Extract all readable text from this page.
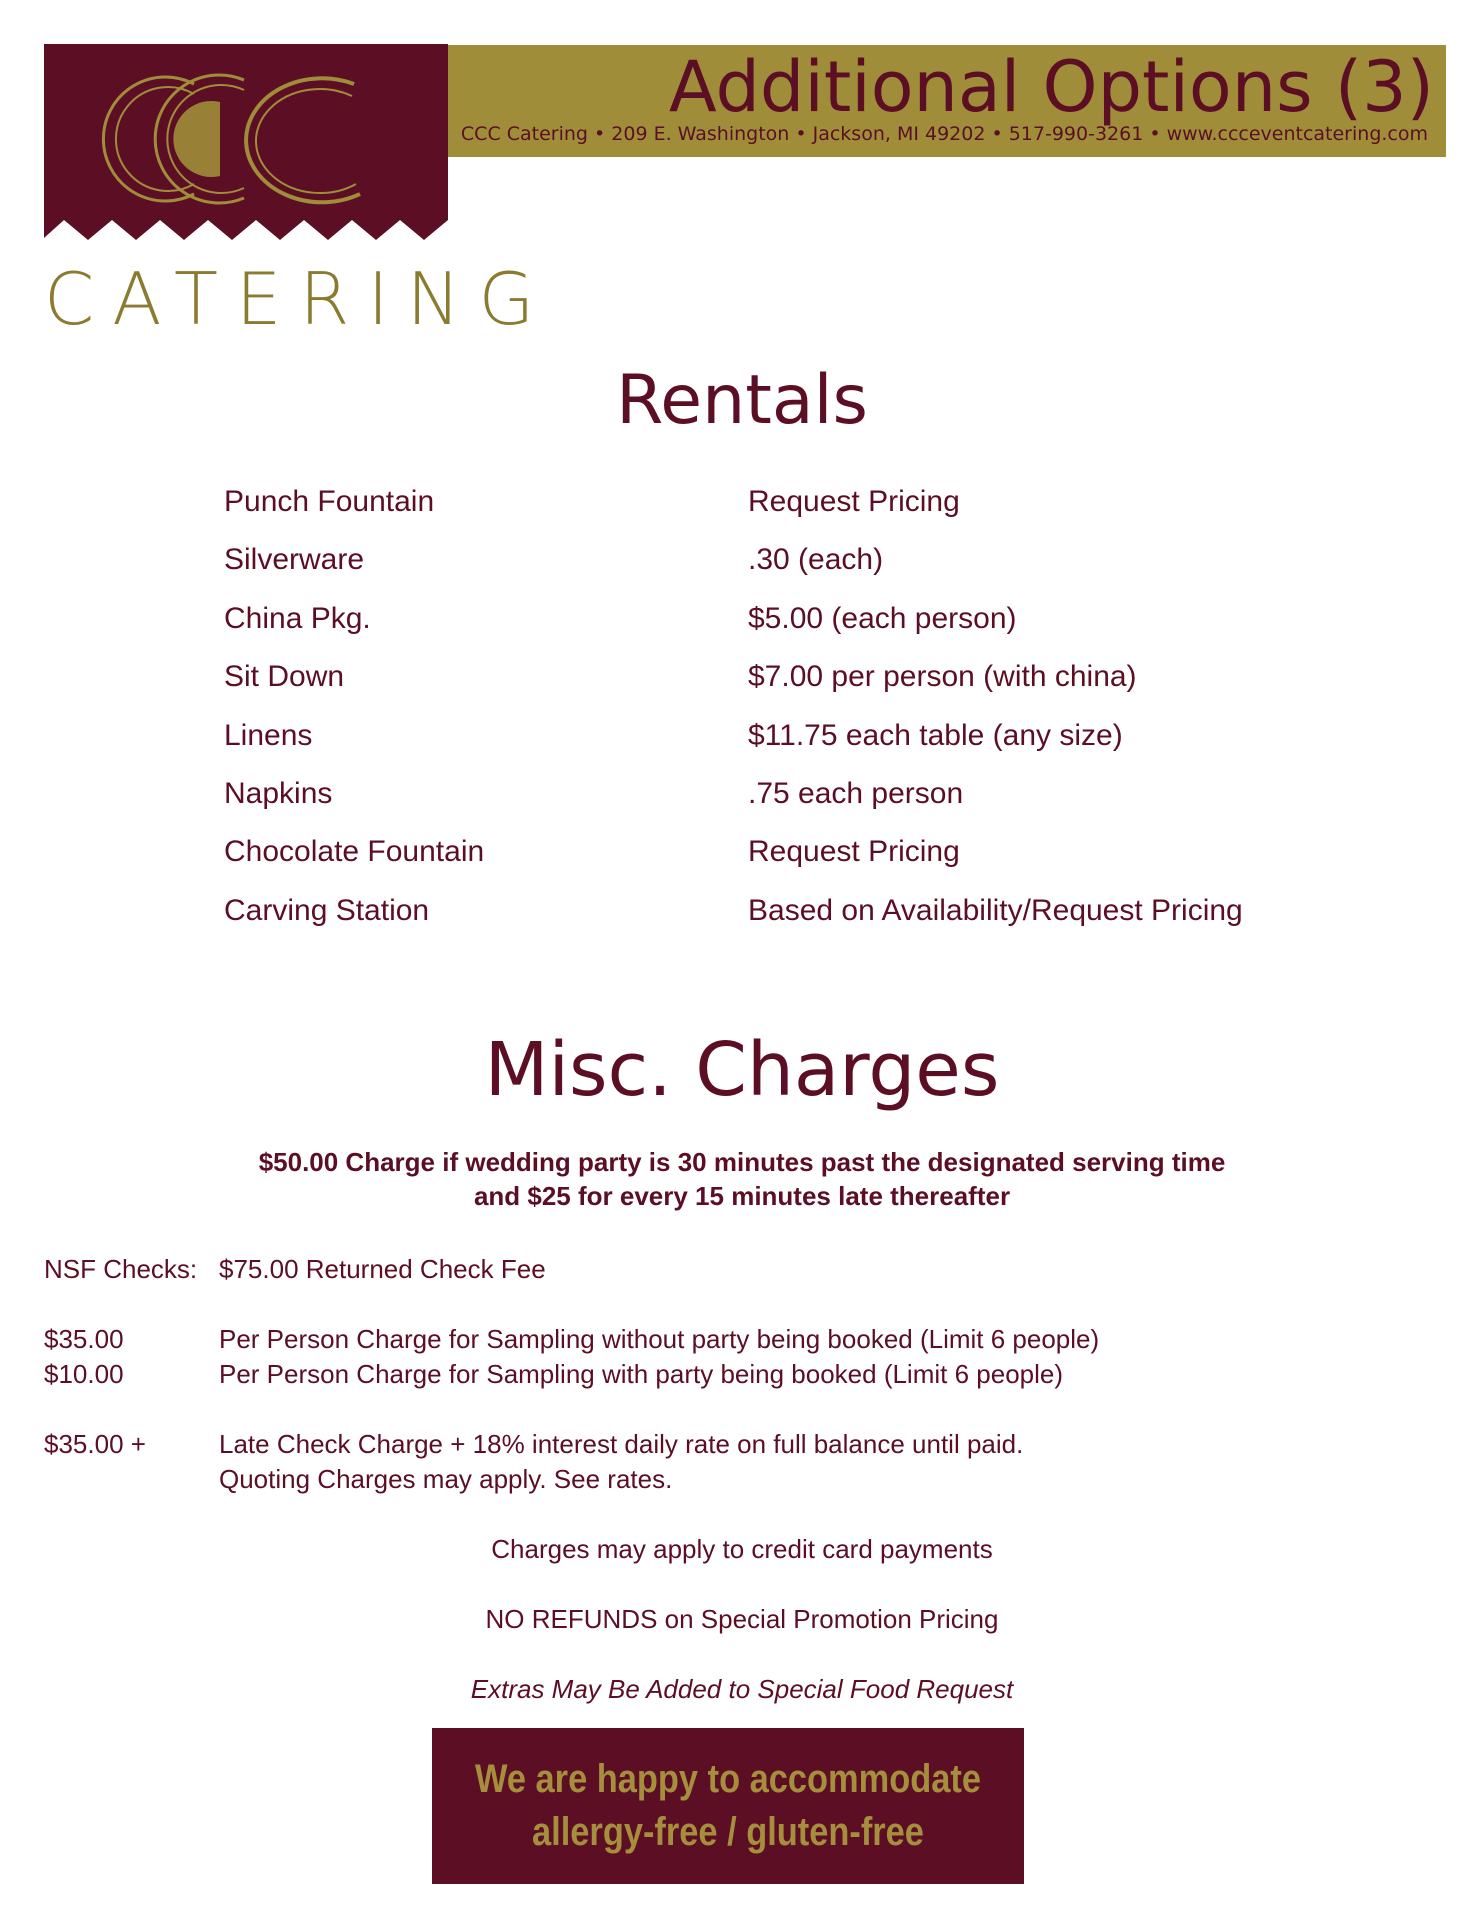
CATERING
Additional Options (3)
CCC Catering • 209 E. Washington • Jackson, MI 49202 • 517-990-3261 • www.ccceventcatering.com
Rentals
Punch Fountain	Request Pricing
Silverware	.30 (each)
China Pkg.	$5.00 (each person)
Sit Down	$7.00 per person (with china)
Linens	$11.75 each table (any size)
Napkins	.75 each person
Chocolate Fountain	Request Pricing
Carving Station	Based on Availability/Request Pricing
Misc. Charges
$50.00 Charge if wedding party is 30 minutes past the designated serving time
and $25 for every 15 minutes late thereafter
NSF Checks: $75.00 Returned Check Fee
$35.00	Per Person Charge for Sampling without party being booked (Limit 6 people)
$10.00	Per Person Charge for Sampling with party being booked (Limit 6 people)
$35.00 +	Late Check Charge + 18% interest daily rate on full balance until paid.
Quoting Charges may apply. See rates.
Charges may apply to credit card payments
NO REFUNDS on Special Promotion Pricing
Extras May Be Added to Special Food Request
We are happy to accommodate
allergy-free / gluten-free
